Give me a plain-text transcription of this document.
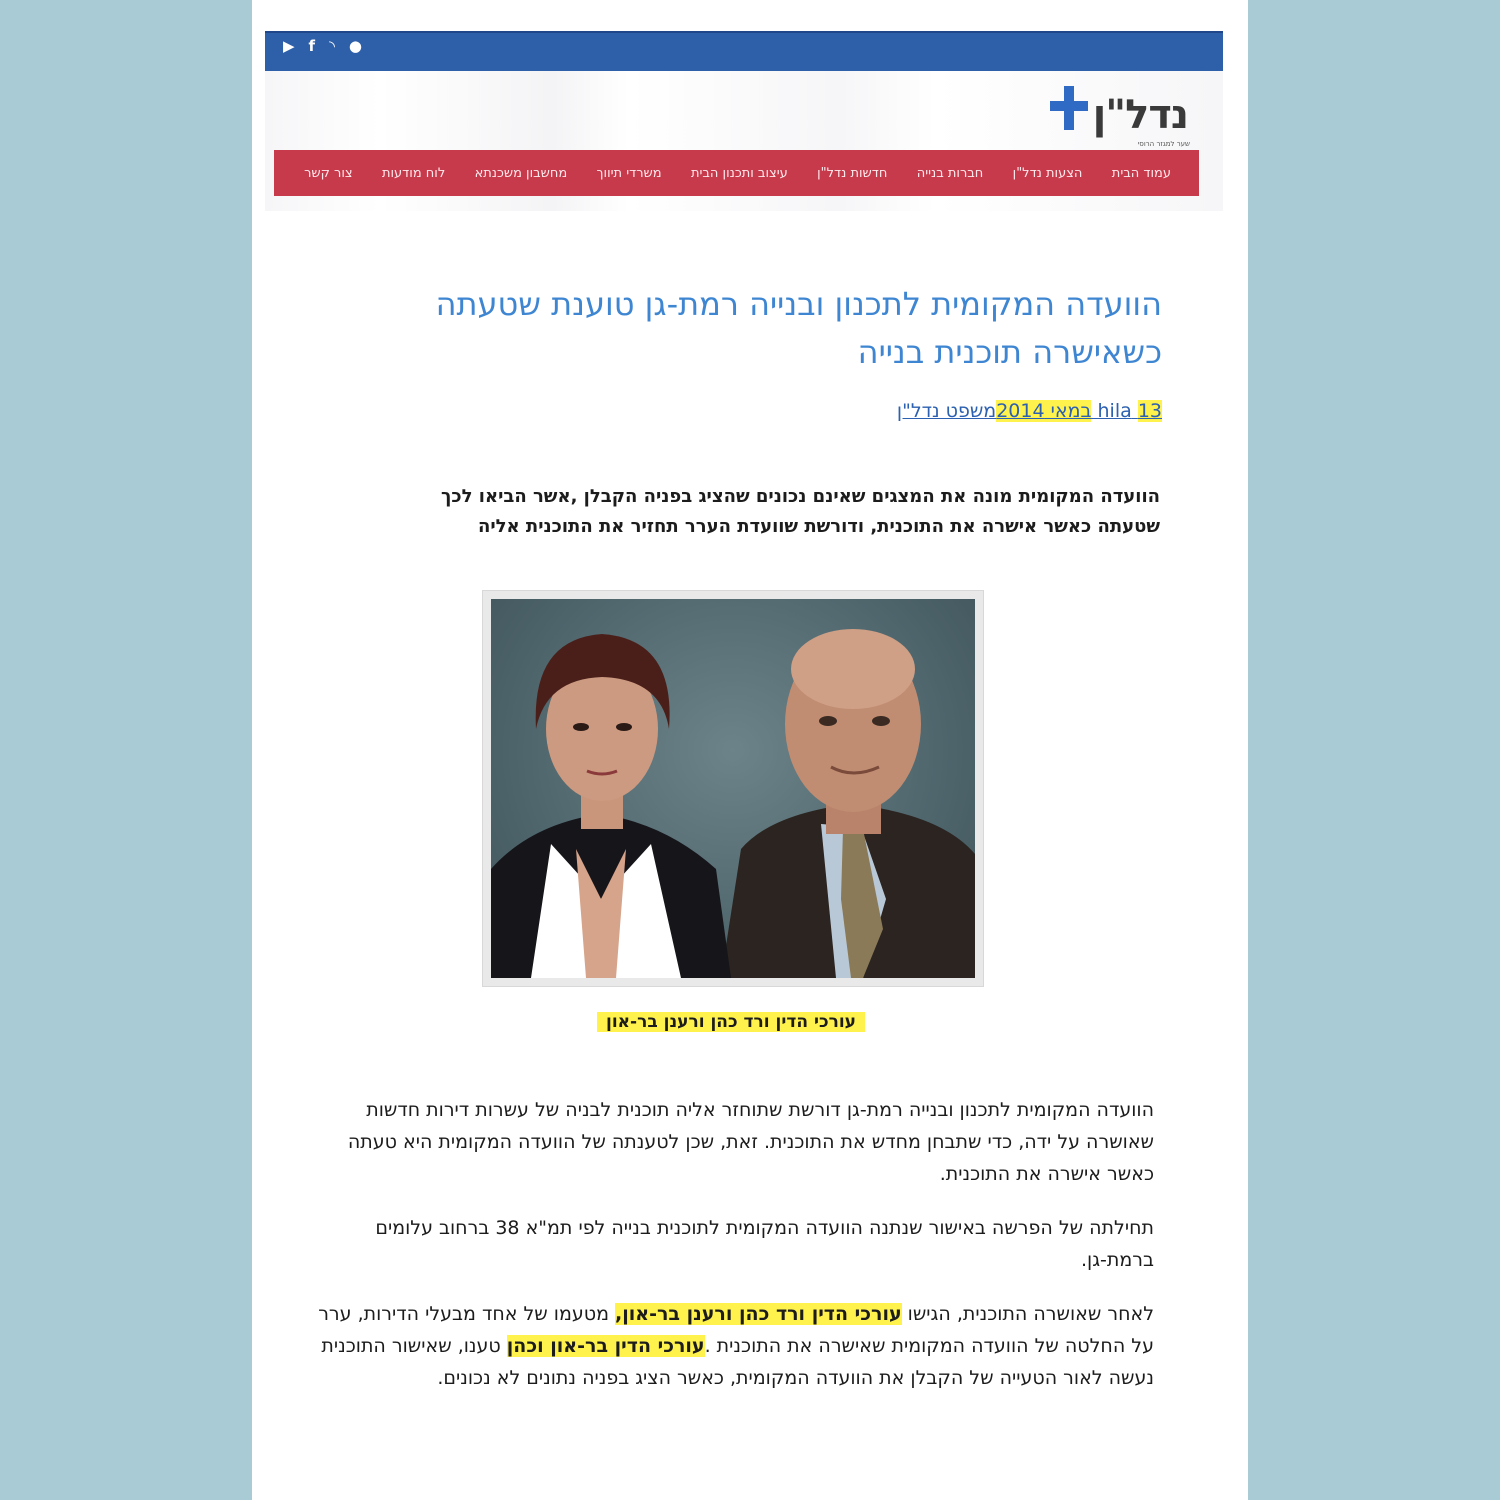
▶ f ◝ ●
נדל"ן
שער למגזר הרוסי
עמוד הבית
הצעות נדל"ן
חברות בנייה
חדשות נדל"ן
עיצוב ותכנון הבית
משרדי תיווך
מחשבון משכנתא
לוח מודעות
צור קשר
הוועדה המקומית לתכנון ובנייה רמת-גן טוענת שטעתה כשאישרה תוכנית בנייה
hila 13 במאי 2014משפט נדל"ן
הוועדה המקומית מונה את המצגים שאינם נכונים שהציג בפניה הקבלן ,אשר הביאו לכך שטעתה כאשר אישרה את התוכנית, ודורשת שוועדת הערר תחזיר את התוכנית אליה
עורכי הדין ורד כהן ורענן בר-און
הוועדה המקומית לתכנון ובנייה רמת-גן דורשת שתוחזר אליה תוכנית לבניה של עשרות דירות חדשות שאושרה על ידה, כדי שתבחן מחדש את התוכנית. זאת, שכן לטענתה של הוועדה המקומית היא טעתה כאשר אישרה את התוכנית.
תחילתה של הפרשה באישור שנתנה הוועדה המקומית לתוכנית בנייה לפי תמ"א 38 ברחוב עלומים ברמת-גן.
לאחר שאושרה התוכנית, הגישו עורכי הדין ורד כהן ורענן בר-און, מטעמו של אחד מבעלי הדירות, ערר על החלטה של הוועדה המקומית שאישרה את התוכנית .עורכי הדין בר-און וכהן טענו, שאישור התוכנית נעשה לאור הטעייה של הקבלן את הוועדה המקומית, כאשר הציג בפניה נתונים לא נכונים.
